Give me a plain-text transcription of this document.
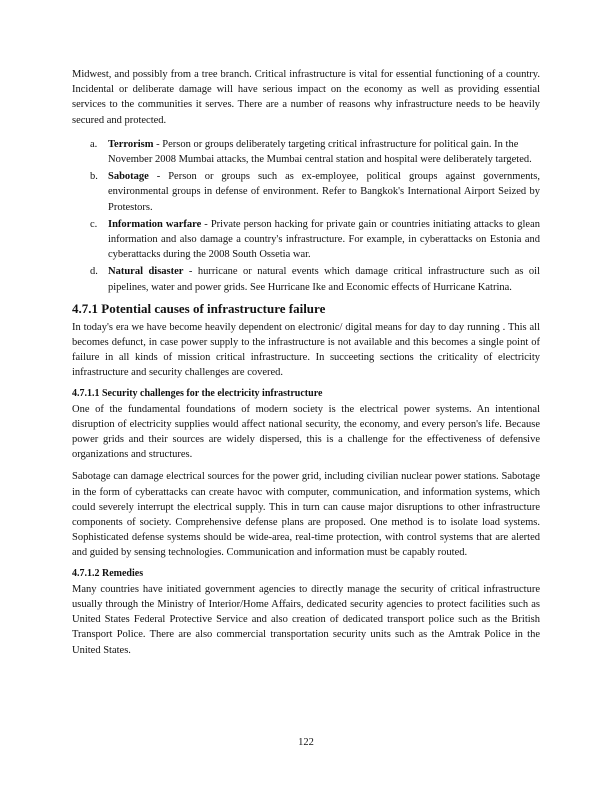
Midwest, and possibly from a tree branch. Critical infrastructure is vital for essential functioning of a country. Incidental or deliberate damage will have serious impact on the economy as well as providing essential services to the communities it serves. There are a number of reasons why infrastructure needs to be heavily secured and protected.

a. Terrorism - Person or groups deliberately targeting critical infrastructure for political gain. In the November 2008 Mumbai attacks, the Mumbai central station and hospital were deliberately targeted.
b. Sabotage - Person or groups such as ex-employee, political groups against governments, environmental groups in defense of environment. Refer to Bangkok's International Airport Seized by Protestors.
c. Information warfare - Private person hacking for private gain or countries initiating attacks to glean information and also damage a country's infrastructure. For example, in cyberattacks on Estonia and cyberattacks during the 2008 South Ossetia war.
d. Natural disaster - hurricane or natural events which damage critical infrastructure such as oil pipelines, water and power grids. See Hurricane Ike and Economic effects of Hurricane Katrina.
4.7.1 Potential causes of infrastructure failure

In today's era we have become heavily dependent on electronic/ digital means for day to day running . This all becomes defunct, in case power supply to the infrastructure is not available and this becomes a single point of failure in all kinds of mission critical infrastructure. In succeeting sections the criticality of electricity infrastructure and security challenges are covered.

4.7.1.1 Security challenges for the electricity infrastructure

One of the fundamental foundations of modern society is the electrical power systems. An intentional disruption of electricity supplies would affect national security, the economy, and every person's life. Because power grids and their sources are widely dispersed, this is a challenge for the effectiveness of defensive organizations and structures.

Sabotage can damage electrical sources for the power grid, including civilian nuclear power stations. Sabotage in the form of cyberattacks can create havoc with computer, communication, and information systems, which could severely interrupt the electrical supply. This in turn can cause major disruptions to other infrastructure components of society. Comprehensive defense plans are proposed. One method is to isolate load systems. Sophisticated defense systems should be wide-area, real-time protection, with control systems that are alerted and guided by sensing technologies. Communication and information must be capably routed.

4.7.1.2 Remedies

Many countries have initiated government agencies to directly manage the security of critical infrastructure usually through the Ministry of Interior/Home Affairs, dedicated security agencies to protect facilities such as United States Federal Protective Service and also creation of dedicated transport police such as the British Transport Police. There are also commercial transportation security units such as the Amtrak Police in the United States.

122
